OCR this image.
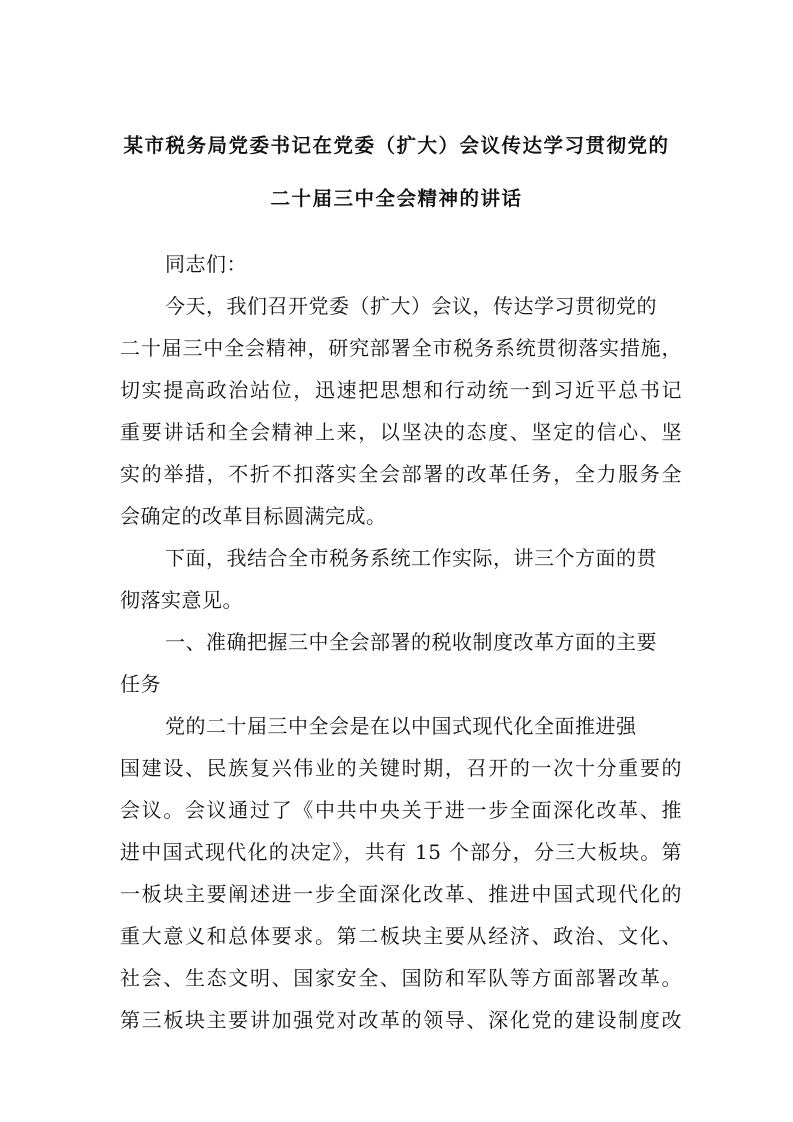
某市税务局党委书记在党委（扩大）会议传达学习贯彻党的
二十届三中全会精神的讲话
同志们：
今天，我们召开党委（扩大）会议，传达学习贯彻党的
二十届三中全会精神，研究部署全市税务系统贯彻落实措施，
切实提高政治站位，迅速把思想和行动统一到习近平总书记
重要讲话和全会精神上来，以坚决的态度、坚定的信心、坚
实的举措，不折不扣落实全会部署的改革任务，全力服务全
会确定的改革目标圆满完成。
下面，我结合全市税务系统工作实际，讲三个方面的贯
彻落实意见。
一、准确把握三中全会部署的税收制度改革方面的主要
任务
党的二十届三中全会是在以中国式现代化全面推进强
国建设、民族复兴伟业的关键时期，召开的一次十分重要的
会议。会议通过了《中共中央关于进一步全面深化改革、推
进中国式现代化的决定》，共有 15 个部分，分三大板块。第
一板块主要阐述进一步全面深化改革、推进中国式现代化的
重大意义和总体要求。第二板块主要从经济、政治、文化、
社会、生态文明、国家安全、国防和军队等方面部署改革。
第三板块主要讲加强党对改革的领导、深化党的建设制度改
